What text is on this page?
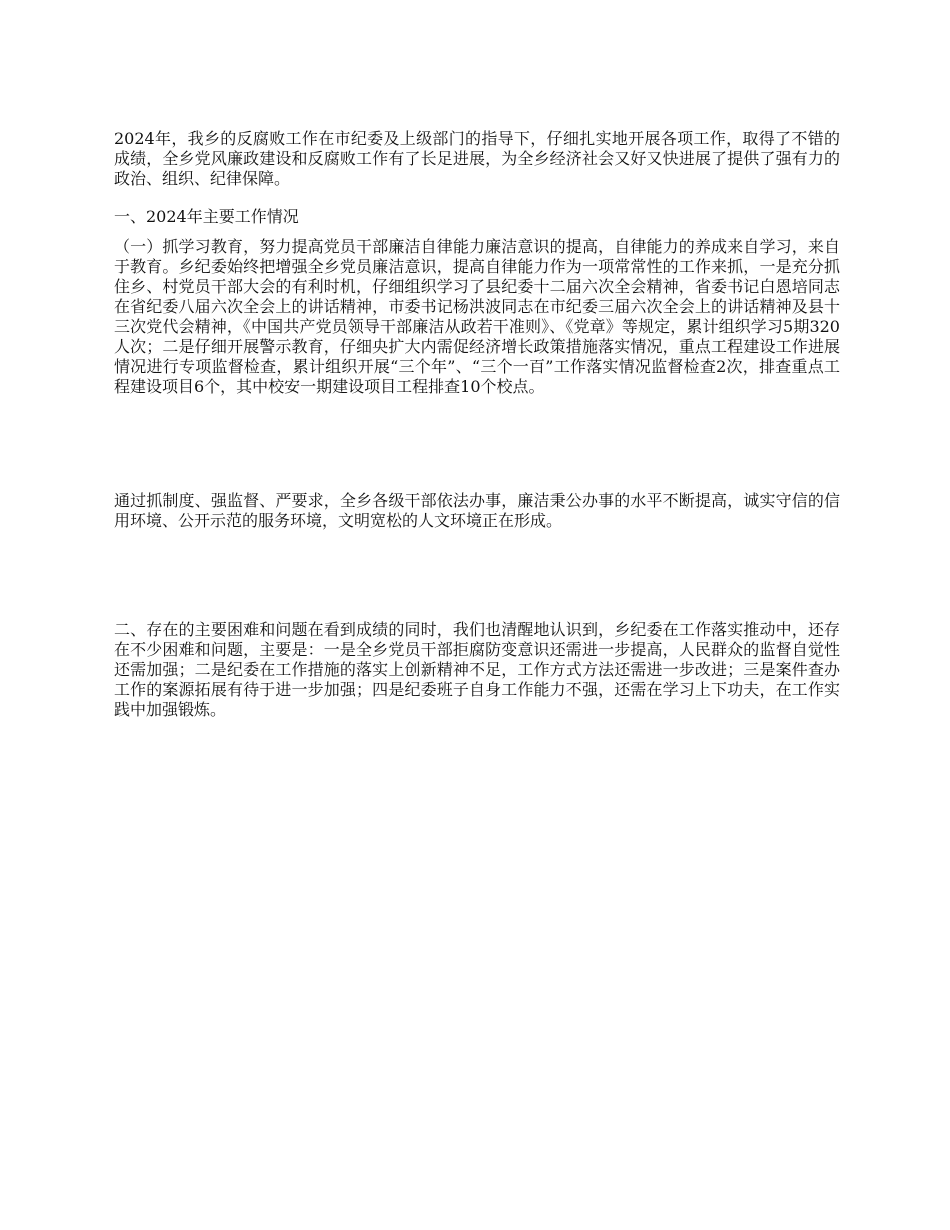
2024年，我乡的反腐败工作在市纪委及上级部门的指导下，仔细扎实地开展各项工作，取得了不错的成绩，全乡党风廉政建设和反腐败工作有了长足进展，为全乡经济社会又好又快进展了提供了强有力的政治、组织、纪律保障。

一、2024年主要工作情况

（一）抓学习教育，努力提高党员干部廉洁自律能力廉洁意识的提高，自律能力的养成来自学习，来自于教育。乡纪委始终把增强全乡党员廉洁意识，提高自律能力作为一项常常性的工作来抓，一是充分抓住乡、村党员干部大会的有利时机，仔细组织学习了县纪委十二届六次全会精神，省委书记白恩培同志在省纪委八届六次全会上的讲话精神，市委书记杨洪波同志在市纪委三届六次全会上的讲话精神及县十三次党代会精神，《中国共产党员领导干部廉洁从政若干准则》、《党章》等规定，累计组织学习5期320人次；二是仔细开展警示教育，仔细央扩大内需促经济增长政策措施落实情况，重点工程建设工作进展情况进行专项监督检查，累计组织开展“三个年”、“三个一百”工作落实情况监督检查2次，排查重点工程建设项目6个，其中校安一期建设项目工程排查10个校点。

通过抓制度、强监督、严要求，全乡各级干部依法办事，廉洁秉公办事的水平不断提高，诚实守信的信用环境、公开示范的服务环境，文明宽松的人文环境正在形成。

二、存在的主要困难和问题在看到成绩的同时，我们也清醒地认识到，乡纪委在工作落实推动中，还存在不少困难和问题，主要是：一是全乡党员干部拒腐防变意识还需进一步提高，人民群众的监督自觉性还需加强；二是纪委在工作措施的落实上创新精神不足，工作方式方法还需进一步改进；三是案件查办工作的案源拓展有待于进一步加强；四是纪委班子自身工作能力不强，还需在学习上下功夫，在工作实践中加强锻炼。
